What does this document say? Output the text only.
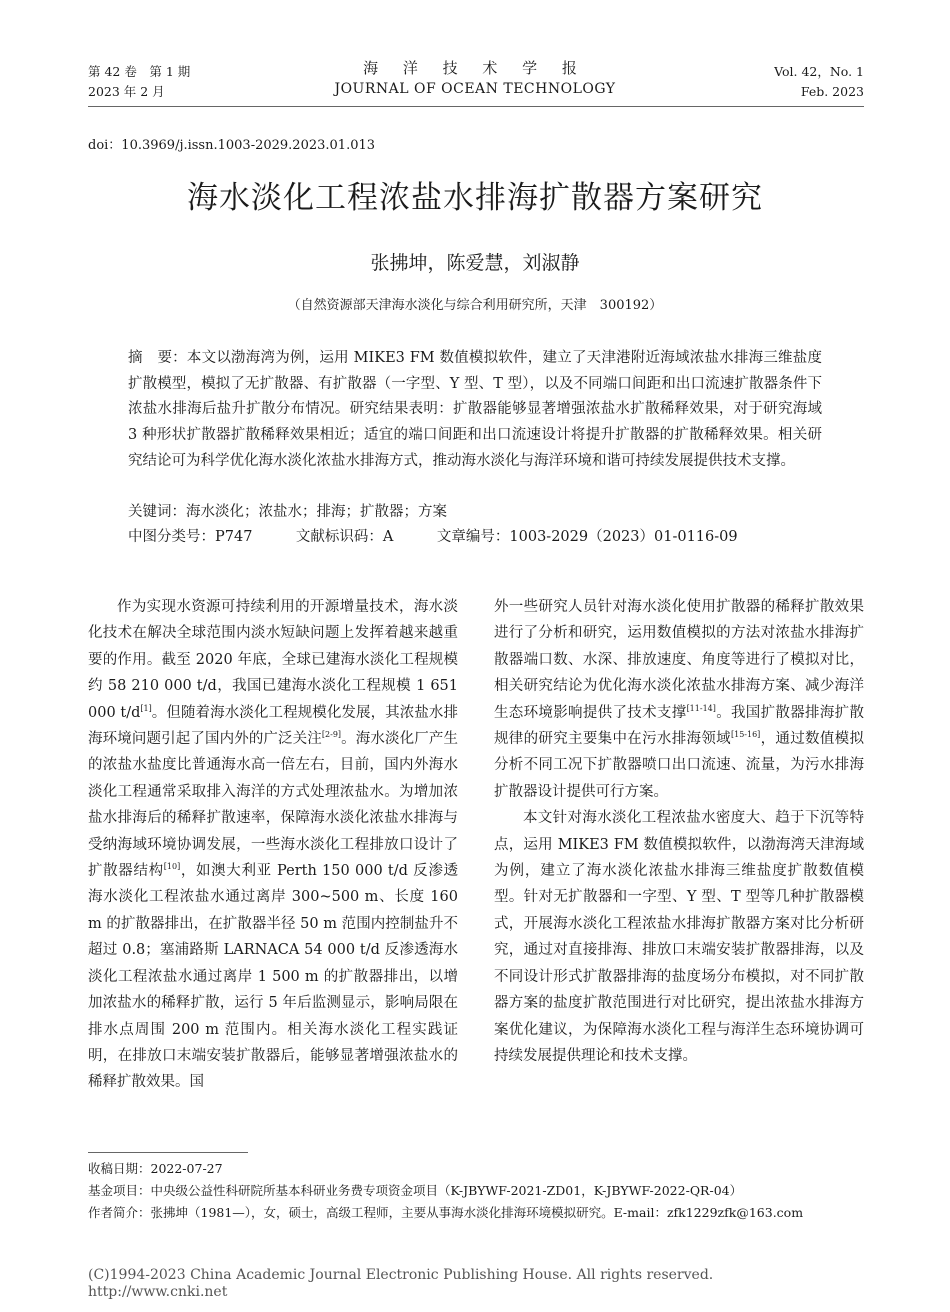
第 42 卷　第 1 期
2023 年 2 月
海 洋 技 术 学 报
JOURNAL OF OCEAN TECHNOLOGY
Vol. 42，No. 1
Feb. 2023
doi：10.3969/j.issn.1003-2029.2023.01.013
海水淡化工程浓盐水排海扩散器方案研究
张拂坤，陈爱慧，刘淑静
（自然资源部天津海水淡化与综合利用研究所，天津　300192）
摘　要：本文以渤海湾为例，运用 MIKE3 FM 数值模拟软件，建立了天津港附近海域浓盐水排海三维盐度扩散模型，模拟了无扩散器、有扩散器（一字型、Y 型、T 型），以及不同端口间距和出口流速扩散器条件下浓盐水排海后盐升扩散分布情况。研究结果表明：扩散器能够显著增强浓盐水扩散稀释效果，对于研究海域 3 种形状扩散器扩散稀释效果相近；适宜的端口间距和出口流速设计将提升扩散器的扩散稀释效果。相关研究结论可为科学优化海水淡化浓盐水排海方式，推动海水淡化与海洋环境和谐可持续发展提供技术支撑。
关键词：海水淡化；浓盐水；排海；扩散器；方案
中图分类号：P747　　　文献标识码：A　　　文章编号：1003-2029（2023）01-0116-09

作为实现水资源可持续利用的开源增量技术，海水淡化技术在解决全球范围内淡水短缺问题上发挥着越来越重要的作用。截至 2020 年底，全球已建海水淡化工程规模约 58 210 000 t/d，我国已建海水淡化工程规模 1 651 000 t/d[1]。但随着海水淡化工程规模化发展，其浓盐水排海环境问题引起了国内外的广泛关注[2-9]。海水淡化厂产生的浓盐水盐度比普通海水高一倍左右，目前，国内外海水淡化工程通常采取排入海洋的方式处理浓盐水。为增加浓盐水排海后的稀释扩散速率，保障海水淡化浓盐水排海与受纳海域环境协调发展，一些海水淡化工程排放口设计了扩散器结构[10]，如澳大利亚 Perth 150 000 t/d 反渗透海水淡化工程浓盐水通过离岸 300~500 m、长度 160 m 的扩散器排出，在扩散器半径 50 m 范围内控制盐升不超过 0.8；塞浦路斯 LARNACA 54 000 t/d 反渗透海水淡化工程浓盐水通过离岸 1 500 m 的扩散器排出，以增加浓盐水的稀释扩散，运行 5 年后监测显示，影响局限在排水点周围 200 m 范围内。相关海水淡化工程实践证明，在排放口末端安装扩散器后，能够显著增强浓盐水的稀释扩散效果。国

外一些研究人员针对海水淡化使用扩散器的稀释扩散效果进行了分析和研究，运用数值模拟的方法对浓盐水排海扩散器端口数、水深、排放速度、角度等进行了模拟对比，相关研究结论为优化海水淡化浓盐水排海方案、减少海洋生态环境影响提供了技术支撑[11-14]。我国扩散器排海扩散规律的研究主要集中在污水排海领域[15-16]，通过数值模拟分析不同工况下扩散器喷口出口流速、流量，为污水排海扩散器设计提供可行方案。

本文针对海水淡化工程浓盐水密度大、趋于下沉等特点，运用 MIKE3 FM 数值模拟软件，以渤海湾天津海域为例，建立了海水淡化浓盐水排海三维盐度扩散数值模型。针对无扩散器和一字型、Y 型、T 型等几种扩散器模式，开展海水淡化工程浓盐水排海扩散器方案对比分析研究，通过对直接排海、排放口末端安装扩散器排海，以及不同设计形式扩散器排海的盐度场分布模拟，对不同扩散器方案的盐度扩散范围进行对比研究，提出浓盐水排海方案优化建议，为保障海水淡化工程与海洋生态环境协调可持续发展提供理论和技术支撑。

收稿日期：2022-07-27
基金项目：中央级公益性科研院所基本科研业务费专项资金项目（K-JBYWF-2021-ZD01，K-JBYWF-2022-QR-04）
作者简介：张拂坤（1981—），女，硕士，高级工程师，主要从事海水淡化排海环境模拟研究。E-mail：zfk1229zfk@163.com
(C)1994-2023 China Academic Journal Electronic Publishing House. All rights reserved.　　http://www.cnki.net
